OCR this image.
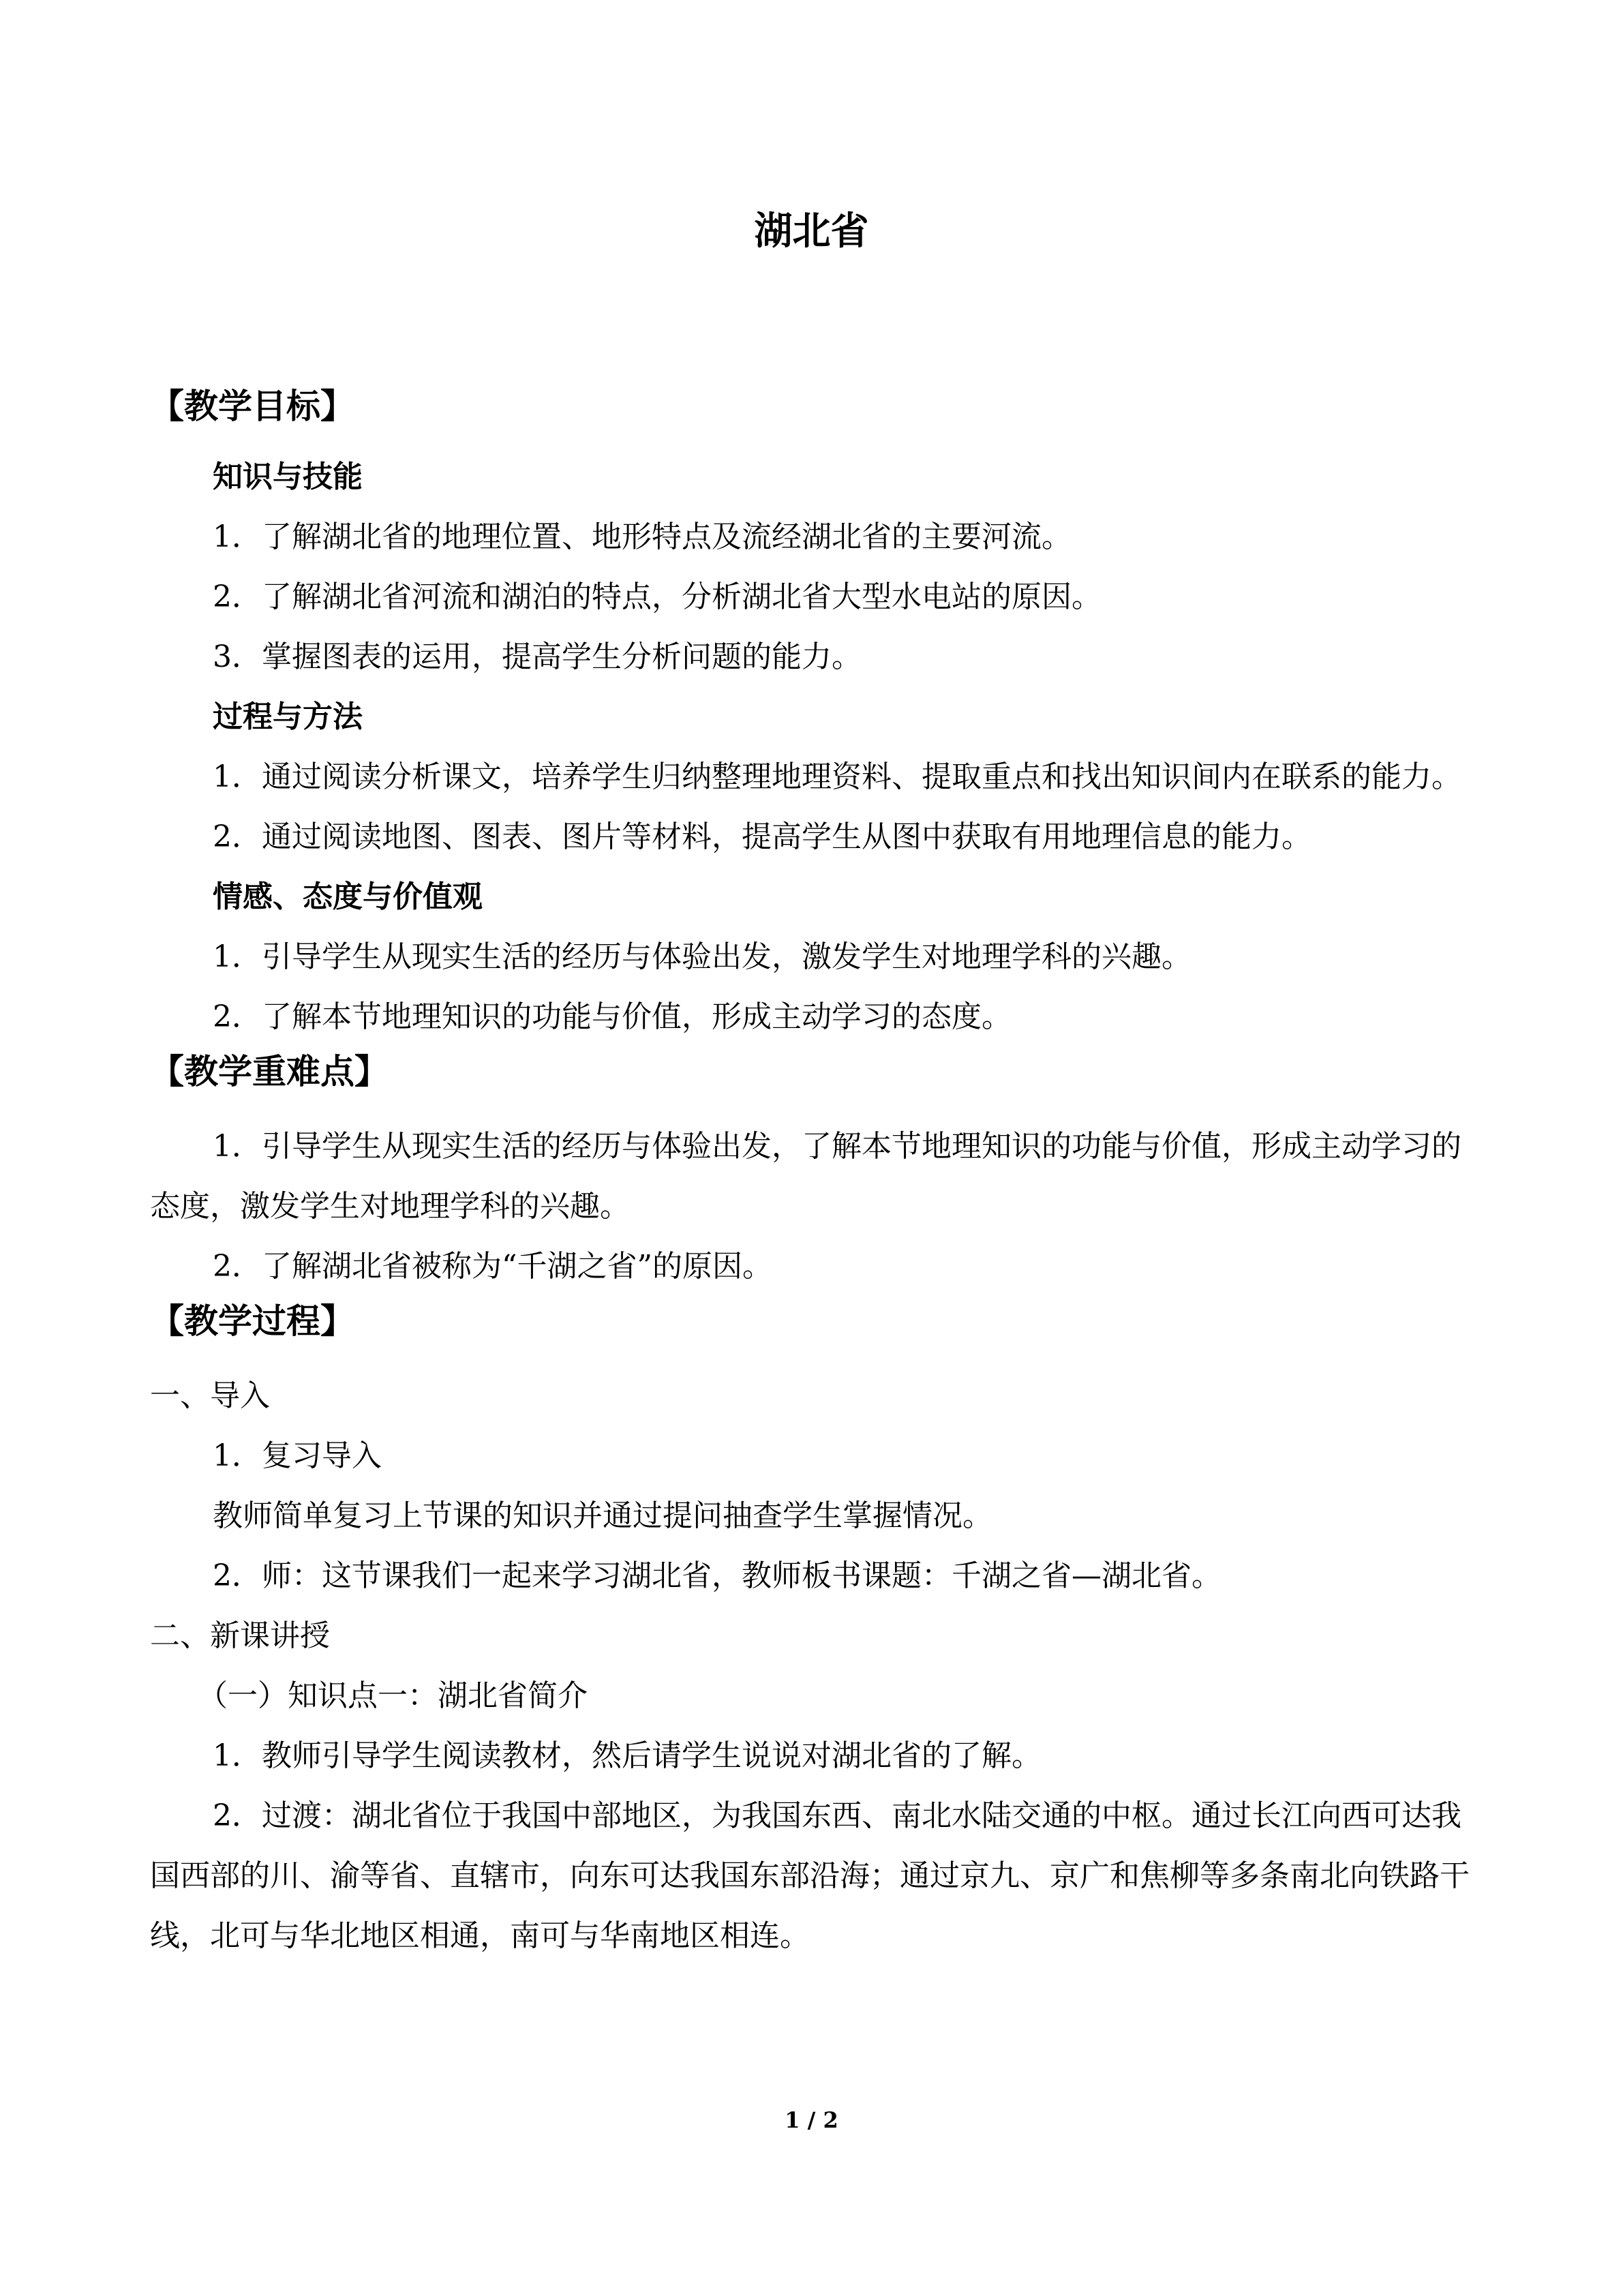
湖北省

【教学目标】

知识与技能

1．了解湖北省的地理位置、地形特点及流经湖北省的主要河流。

2．了解湖北省河流和湖泊的特点，分析湖北省大型水电站的原因。

3．掌握图表的运用，提高学生分析问题的能力。

过程与方法

1．通过阅读分析课文，培养学生归纳整理地理资料、提取重点和找出知识间内在联系的能力。

2．通过阅读地图、图表、图片等材料，提高学生从图中获取有用地理信息的能力。

情感、态度与价值观

1．引导学生从现实生活的经历与体验出发，激发学生对地理学科的兴趣。

2．了解本节地理知识的功能与价值，形成主动学习的态度。

【教学重难点】

1．引导学生从现实生活的经历与体验出发，了解本节地理知识的功能与价值，形成主动学习的态度，激发学生对地理学科的兴趣。

2．了解湖北省被称为“千湖之省”的原因。

【教学过程】

一、导入

1．复习导入

教师简单复习上节课的知识并通过提问抽查学生掌握情况。

2．师：这节课我们一起来学习湖北省，教师板书课题：千湖之省—湖北省。

二、新课讲授

（一）知识点一：湖北省简介

1．教师引导学生阅读教材，然后请学生说说对湖北省的了解。

2．过渡：湖北省位于我国中部地区，为我国东西、南北水陆交通的中枢。通过长江向西可达我国西部的川、渝等省、直辖市，向东可达我国东部沿海；通过京九、京广和焦柳等多条南北向铁路干线，北可与华北地区相通，南可与华南地区相连。

1 / 2
